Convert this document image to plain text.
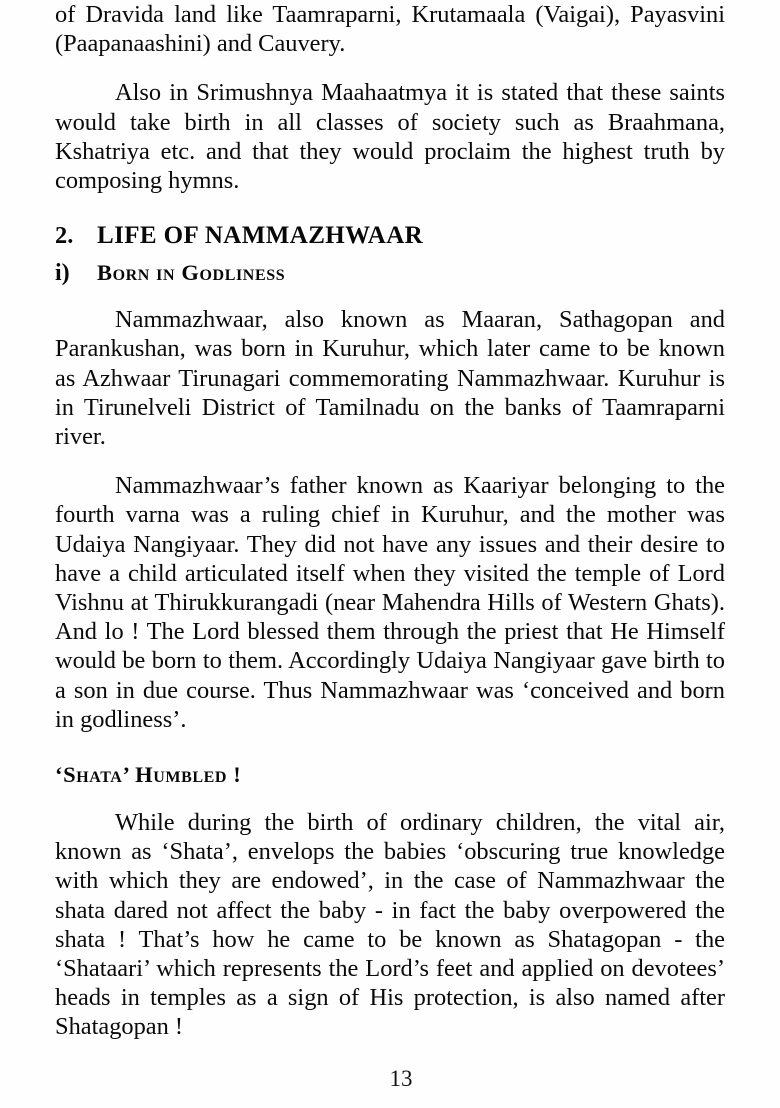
of Dravida land like Taamraparni, Krutamaala (Vaigai), Payasvini (Paapanaashini) and Cauvery.

Also in Srimushnya Maahaatmya it is stated that these saints would take birth in all classes of society such as Braahmana, Kshatriya etc. and that they would proclaim the highest truth by composing hymns.

2. LIFE OF NAMMAZHWAAR
i)	Born in Godliness

Nammazhwaar, also known as Maaran, Sathagopan and Parankushan, was born in Kuruhur, which later came to be known as Azhwaar Tirunagari commemorating Nammazhwaar. Kuruhur is in Tirunelveli District of Tamilnadu on the banks of Taamraparni river.

Nammazhwaar’s father known as Kaariyar belonging to the fourth varna was a ruling chief in Kuruhur, and the mother was Udaiya Nangiyaar. They did not have any issues and their desire to have a child articulated itself when they visited the temple of Lord Vishnu at Thirukkurangadi (near Mahendra Hills of Western Ghats). And lo ! The Lord blessed them through the priest that He Himself would be born to them. Accordingly Udaiya Nangiyaar gave birth to a son in due course. Thus Nammazhwaar was ‘conceived and born in godliness’.

‘Shata’ Humbled !

While during the birth of ordinary children, the vital air, known as ‘Shata’, envelops the babies ‘obscuring true knowledge with which they are endowed’, in the case of Nammazhwaar the shata dared not affect the baby - in fact the baby overpowered the shata ! That’s how he came to be known as Shatagopan - the ‘Shataari’ which represents the Lord’s feet and applied on devotees’ heads in temples as a sign of His protection, is also named after Shatagopan !

13
